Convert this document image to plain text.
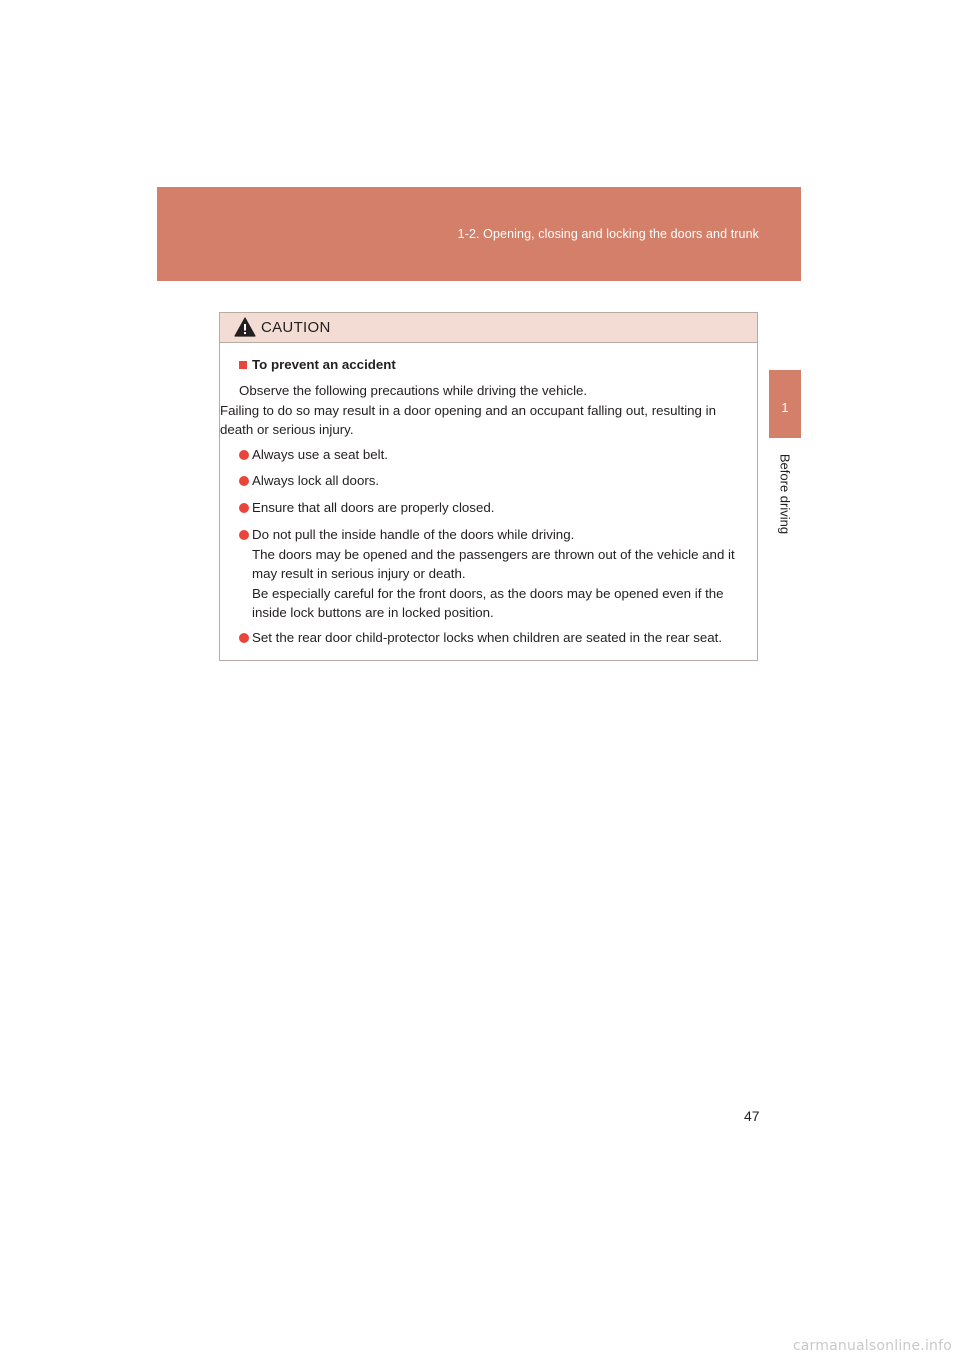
1-2. Opening, closing and locking the doors and trunk
1
Before driving
CAUTION
To prevent an accident
Observe the following precautions while driving the vehicle.
Failing to do so may result in a door opening and an occupant falling out, resulting in
death or serious injury.
Always use a seat belt.
Always lock all doors.
Ensure that all doors are properly closed.
Do not pull the inside handle of the doors while driving.
The doors may be opened and the passengers are thrown out of the vehicle and it
may result in serious injury or death.
Be especially careful for the front doors, as the doors may be opened even if the
inside lock buttons are in locked position.
Set the rear door child-protector locks when children are seated in the rear seat.
47
carmanualsonline.info
